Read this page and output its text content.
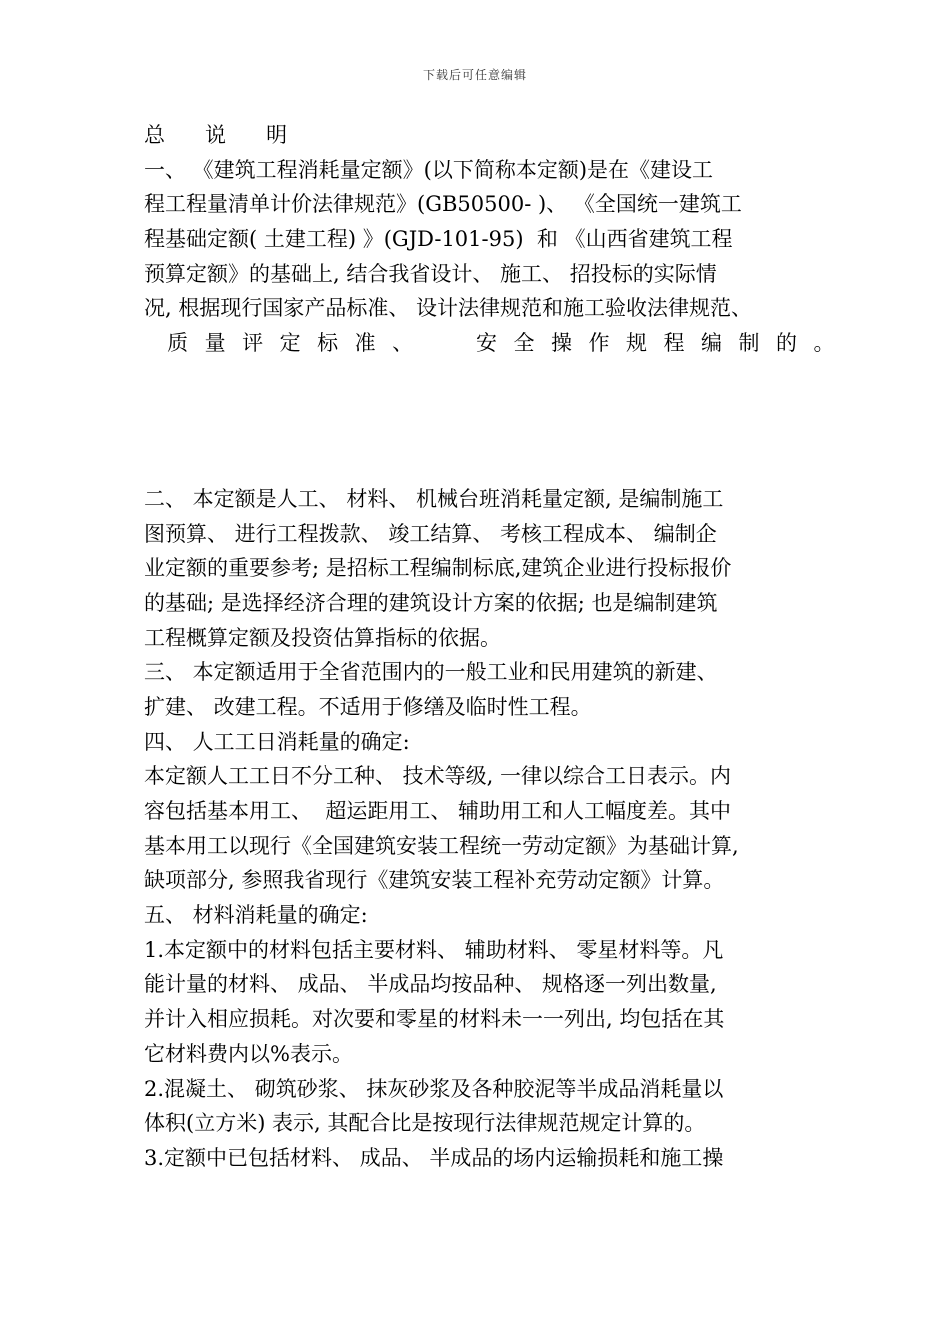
下载后可任意编辑
总      说      明
一、 《建筑工程消耗量定额》(以下简称本定额)是在《建设工
程工程量清单计价法律规范》(GB50500- )、 《全国统一建筑工
程基础定额( 土建工程) 》(GJD-101-95)  和 《山西省建筑工程
预算定额》的基础上, 结合我省设计、 施工、 招投标的实际情
况, 根据现行国家产品标准、 设计法律规范和施工验收法律规范、
质量评定标准、  安全操作规程编制的。
二、 本定额是人工、 材料、 机械台班消耗量定额, 是编制施工
图预算、 进行工程拨款、 竣工结算、 考核工程成本、 编制企
业定额的重要参考; 是招标工程编制标底,建筑企业进行投标报价
的基础; 是选择经济合理的建筑设计方案的依据; 也是编制建筑
工程概算定额及投资估算指标的依据。
三、 本定额适用于全省范围内的一般工业和民用建筑的新建、
扩建、 改建工程。不适用于修缮及临时性工程。
四、 人工工日消耗量的确定:
本定额人工工日不分工种、 技术等级, 一律以综合工日表示。内
容包括基本用工、  超运距用工、 辅助用工和人工幅度差。其中
基本用工以现行《全国建筑安装工程统一劳动定额》为基础计算,
缺项部分, 参照我省现行《建筑安装工程补充劳动定额》计算。
五、 材料消耗量的确定:
1.本定额中的材料包括主要材料、 辅助材料、 零星材料等。凡
能计量的材料、 成品、 半成品均按品种、 规格逐一列出数量,
并计入相应损耗。对次要和零星的材料未一一列出, 均包括在其
它材料费内以%表示。
2.混凝土、 砌筑砂浆、 抹灰砂浆及各种胶泥等半成品消耗量以
体积(立方米) 表示, 其配合比是按现行法律规范规定计算的。
3.定额中已包括材料、 成品、 半成品的场内运输损耗和施工操
